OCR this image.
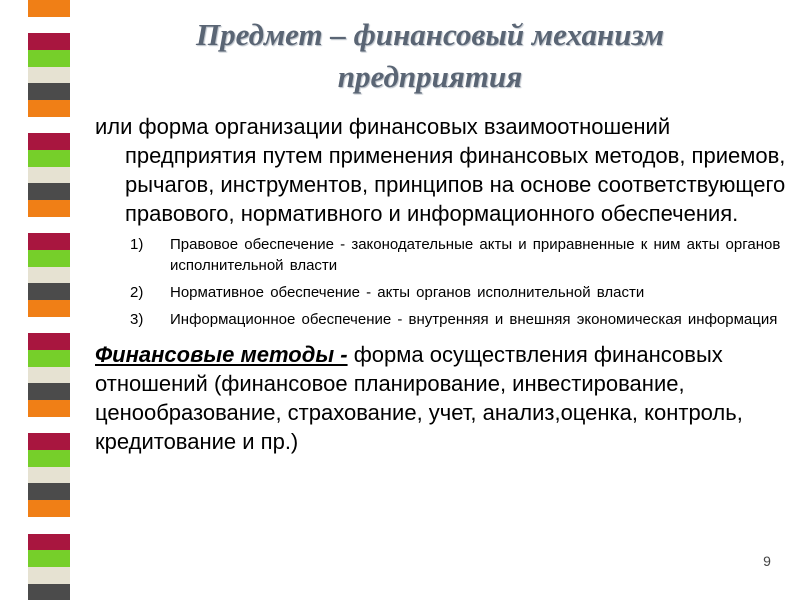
Предмет – финансовый механизм
предприятия

или форма организации финансовых взаимоотношений предприятия путем применения финансовых методов, приемов, рычагов, инструментов, принципов на основе соответствующего правового, нормативного и информационного обеспечения.

1) Правовое обеспечение - законодательные акты и приравненные к ним акты органов исполнительной власти
2) Нормативное обеспечение - акты органов исполнительной власти
3) Информационное обеспечение - внутренняя и внешняя экономическая информация

Финансовые методы - форма осуществления финансовых отношений (финансовое планирование, инвестирование, ценообразование, страхование, учет, анализ,оценка, контроль, кредитование и пр.)

9
